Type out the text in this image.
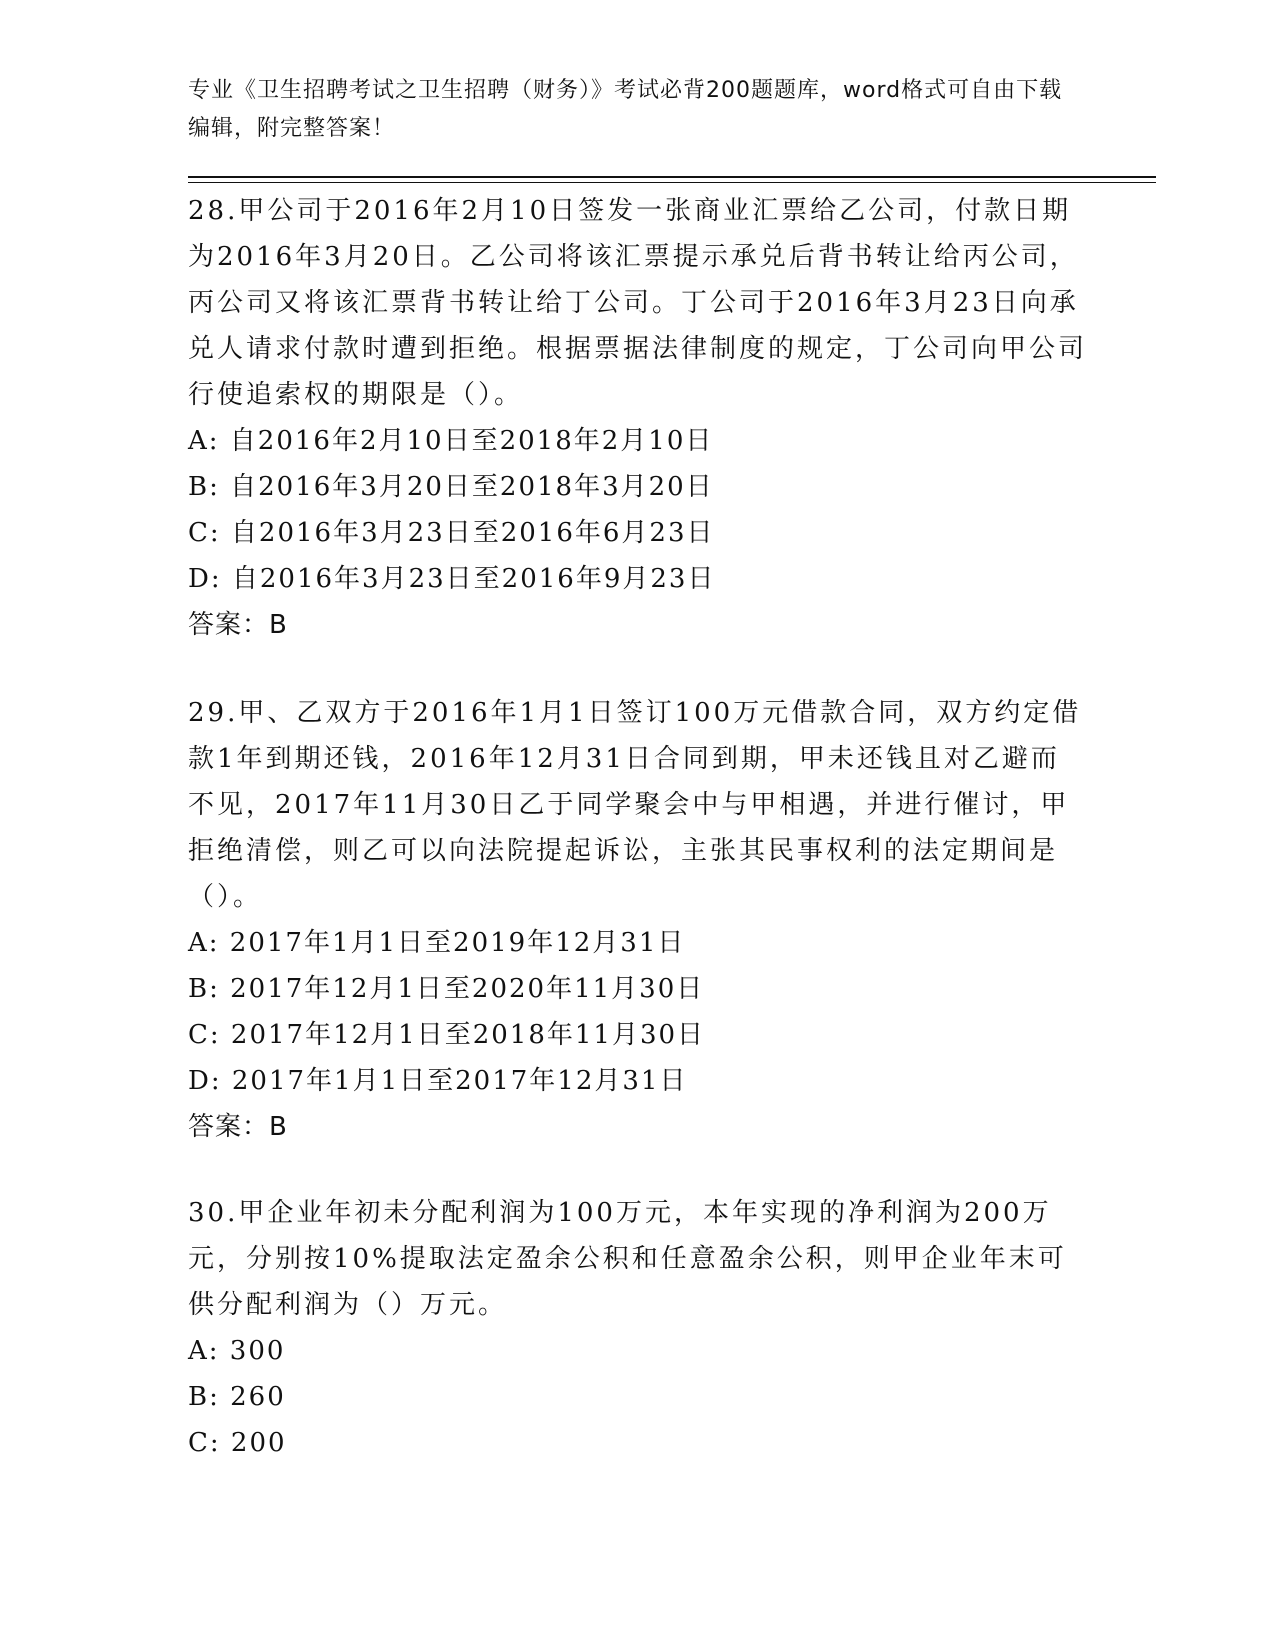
专业《卫生招聘考试之卫生招聘（财务）》考试必背200题题库，word格式可自由下载编辑，附完整答案！

28.甲公司于2016年2月10日签发一张商业汇票给乙公司，付款日期为2016年3月20日。乙公司将该汇票提示承兑后背书转让给丙公司，丙公司又将该汇票背书转让给丁公司。丁公司于2016年3月23日向承兑人请求付款时遭到拒绝。根据票据法律制度的规定，丁公司向甲公司行使追索权的期限是（）。

A: 自2016年2月10日至2018年2月10日

B: 自2016年3月20日至2018年3月20日

C: 自2016年3月23日至2016年6月23日

D: 自2016年3月23日至2016年9月23日

答案：B

29.甲、乙双方于2016年1月1日签订100万元借款合同，双方约定借款1年到期还钱，2016年12月31日合同到期，甲未还钱且对乙避而不见，2017年11月30日乙于同学聚会中与甲相遇，并进行催讨，甲拒绝清偿，则乙可以向法院提起诉讼，主张其民事权利的法定期间是（）。

A: 2017年1月1日至2019年12月31日

B: 2017年12月1日至2020年11月30日

C: 2017年12月1日至2018年11月30日

D: 2017年1月1日至2017年12月31日

答案：B

30.甲企业年初未分配利润为100万元，本年实现的净利润为200万元，分别按10%提取法定盈余公积和任意盈余公积，则甲企业年末可供分配利润为（）万元。

A: 300

B: 260

C: 200
